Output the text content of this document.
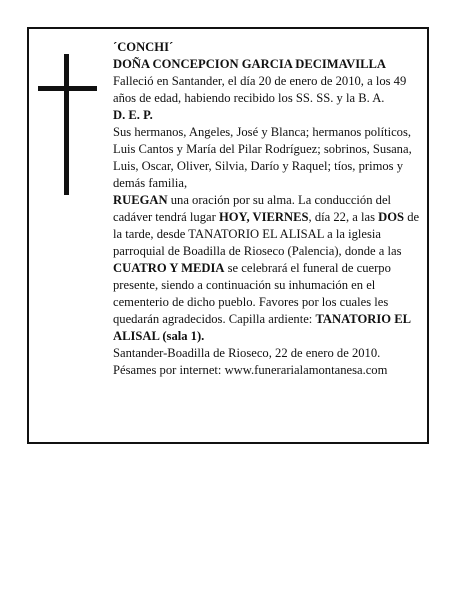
´CONCHI´

DOÑA CONCEPCION GARCIA DECIMAVILLA

Falleció en Santander, el día 20 de enero de 2010, a los 49 años de edad, habiendo recibido los SS. SS. y la B. A.

D. E. P.

Sus hermanos, Angeles, José y Blanca; hermanos políticos, Luis Cantos y María del Pilar Rodríguez; sobrinos, Susana, Luis, Oscar, Oliver, Silvia, Darío y Raquel; tíos, primos y demás familia,

RUEGAN una oración por su alma. La conducción del cadáver tendrá lugar HOY, VIERNES, día 22, a las DOS de la tarde, desde TANATORIO EL ALISAL a la iglesia parroquial de Boadilla de Rioseco (Palencia), donde a las CUATRO Y MEDIA se celebrará el funeral de cuerpo presente, siendo a continuación su inhumación en el cementerio de dicho pueblo. Favores por los cuales les quedarán agradecidos. Capilla ardiente: TANATORIO EL ALISAL (sala 1).

Santander-Boadilla de Rioseco, 22 de enero de 2010.

Pésames por internet: www.funerarialamontanesa.com
